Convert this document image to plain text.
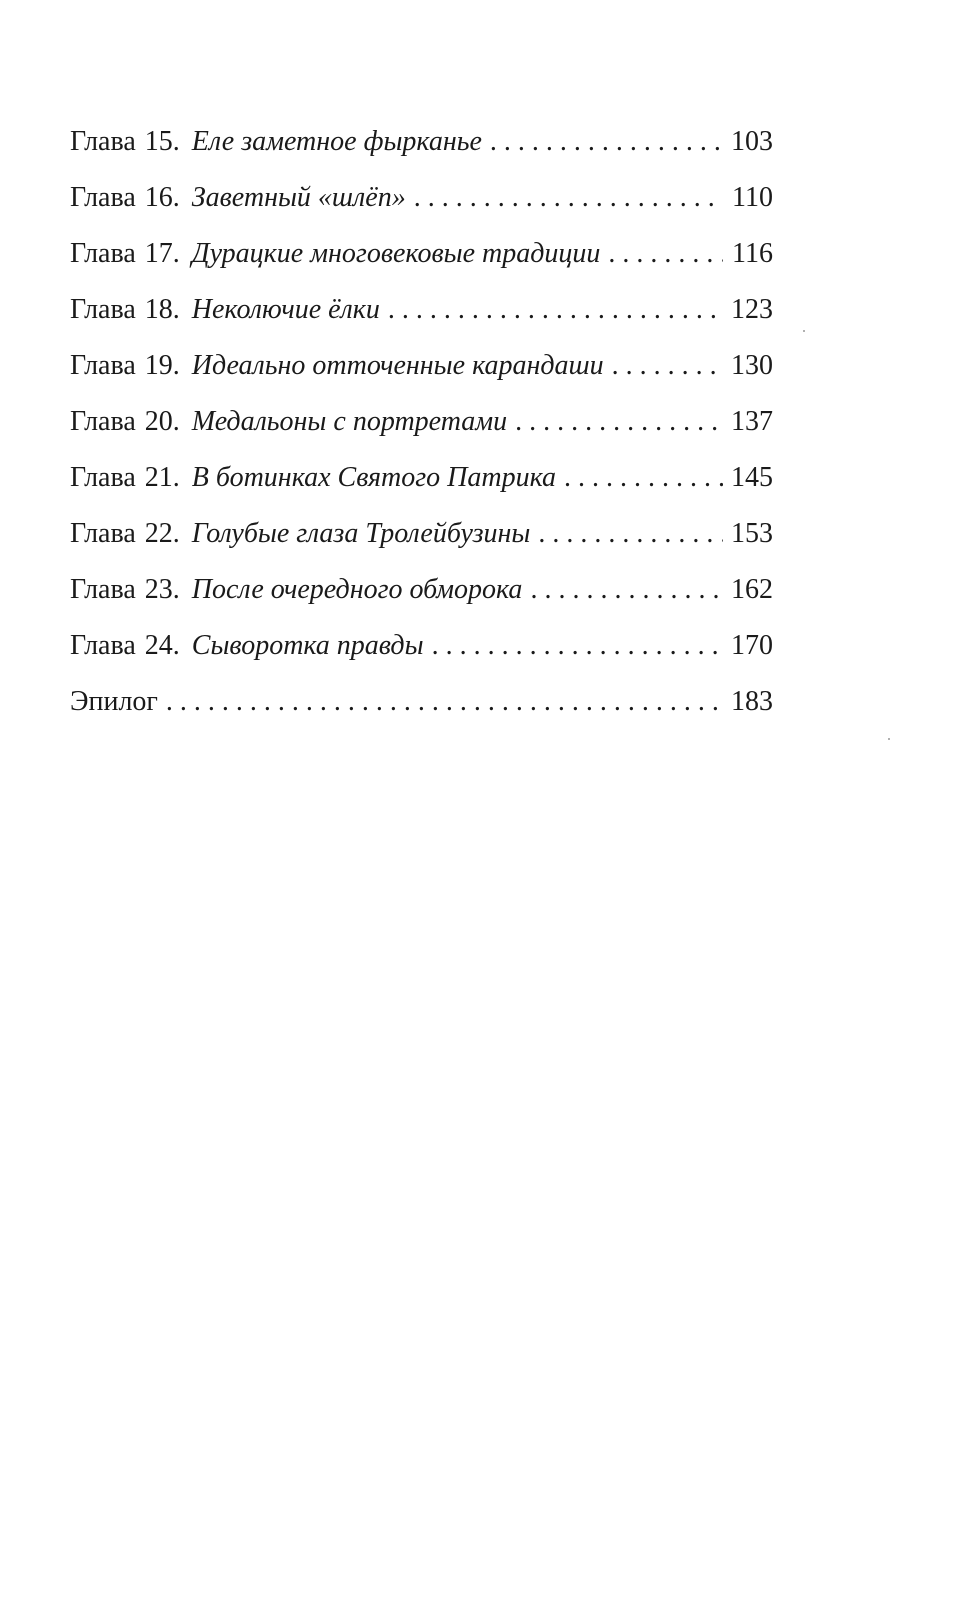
Глава 15. Еле заметное фырканье . . .	103
Глава 16. Заветный «шлёп» . . .	110
Глава 17. Дурацкие многовековые традиции . . .	116
Глава 18. Неколючие ёлки . . .	123
Глава 19. Идеально отточенные карандаши . . .	130
Глава 20. Медальоны с портретами . . .	137
Глава 21. В ботинках Святого Патрика . . .	145
Глава 22. Голубые глаза Тролейбузины . . .	153
Глава 23. После очередного обморока . . .	162
Глава 24. Сыворотка правды . . .	170
Эпилог . . .	183
